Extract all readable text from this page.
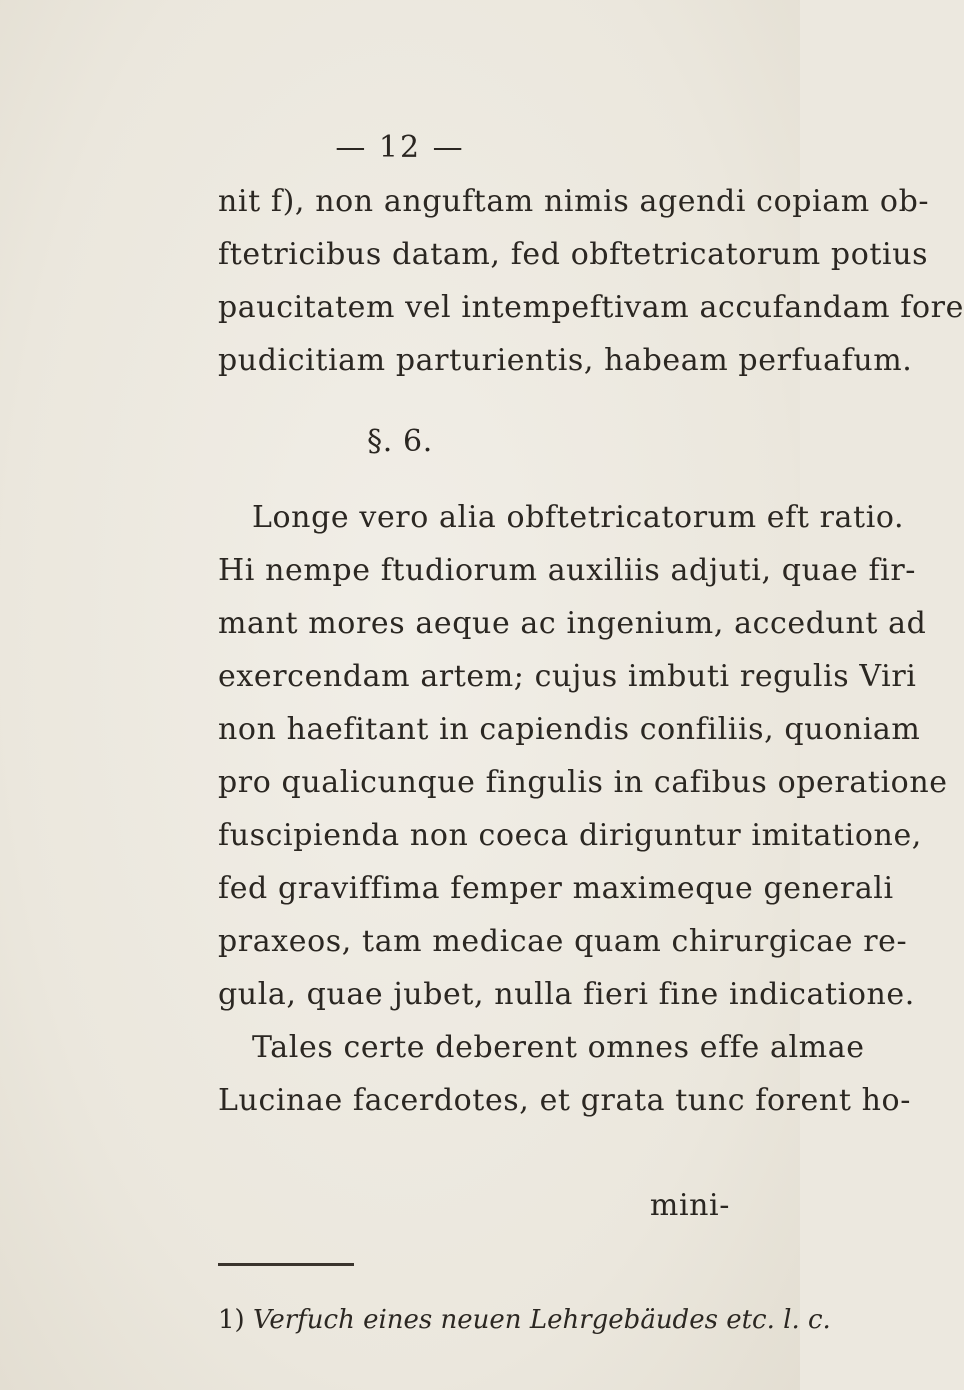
— 12 —
nit f), non anguftam nimis agendi copiam ob-
ftetricibus datam, fed obftetricatorum potius
paucitatem vel intempeftivam accufandam fore
pudicitiam parturientis, habeam perfuafum.
§. 6.
Longe vero alia obftetricatorum eft ratio.
Hi nempe ftudiorum auxiliis adjuti, quae fir-
mant mores aeque ac ingenium, accedunt ad
exercendam artem; cujus imbuti regulis Viri
non haefitant in capiendis confiliis, quoniam
pro qualicunque fingulis in cafibus operatione
fuscipienda non coeca diriguntur imitatione,
fed graviffima femper maximeque generali
praxeos, tam medicae quam chirurgicae re-
gula, quae jubet, nulla fieri fine indicatione.
Tales certe deberent omnes effe almae
Lucinae facerdotes, et grata tunc forent ho-
mini-
1) Verfuch eines neuen Lehrgebäudes etc. l. c.
